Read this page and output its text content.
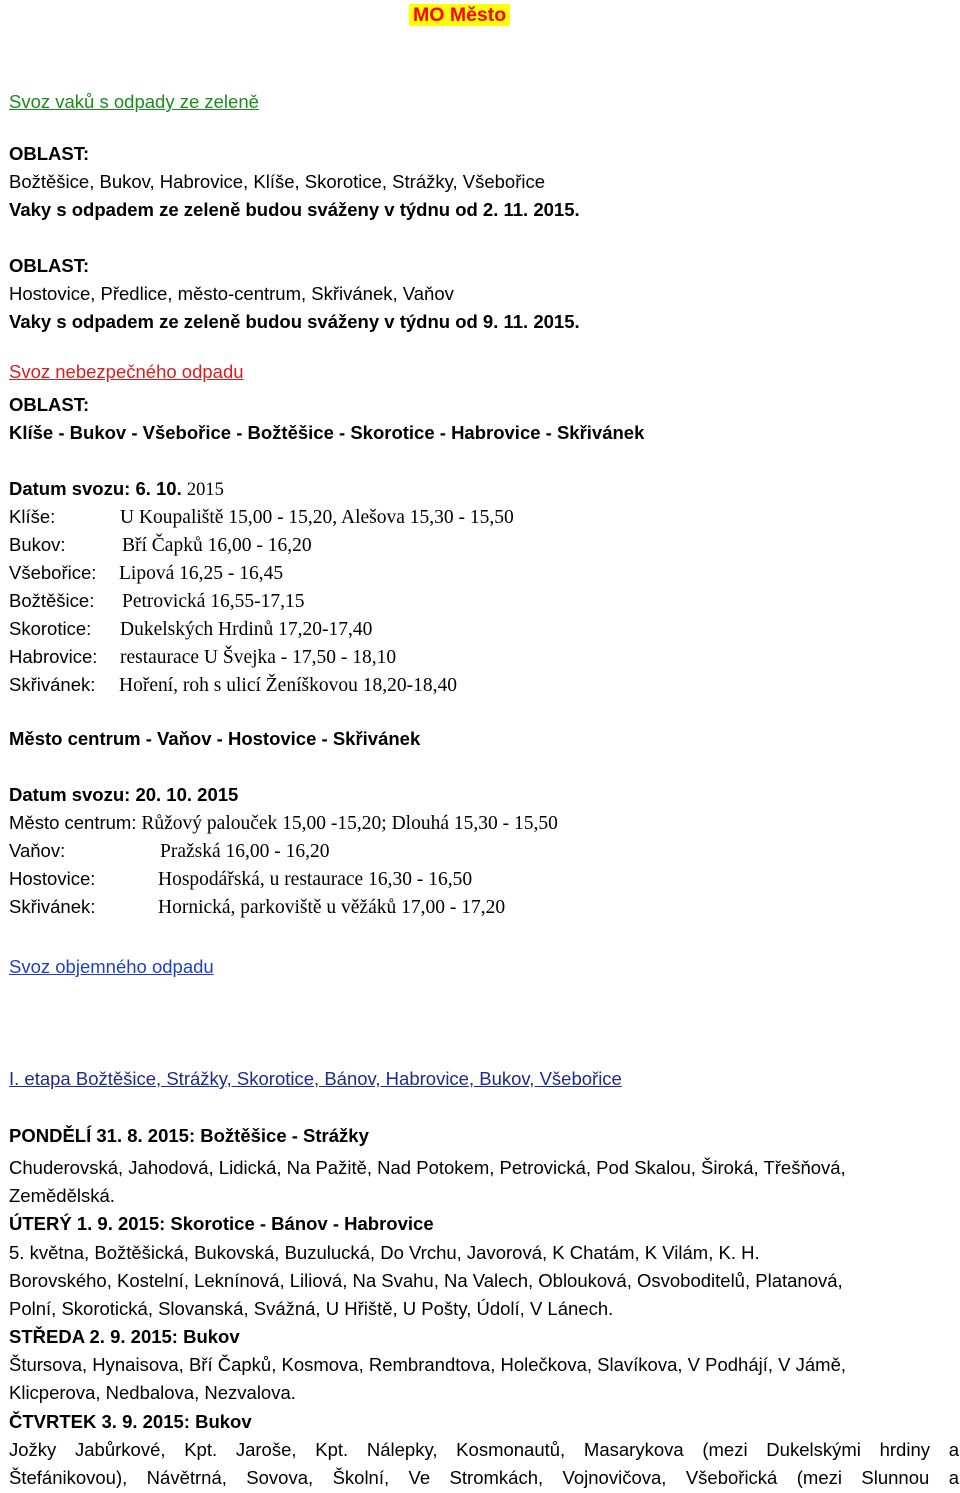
MO Město
Svoz vaků s odpady ze zeleně
OBLAST:
Božtěšice, Bukov, Habrovice, Klíše, Skorotice, Strážky, Všebořice
Vaky s odpadem ze zeleně budou sváženy v týdnu od 2. 11. 2015.
OBLAST:
Hostovice, Předlice, město-centrum, Skřivánek, Vaňov
Vaky s odpadem ze zeleně budou sváženy v týdnu od 9. 11. 2015.
Svoz nebezpečného odpadu
OBLAST:
Klíše - Bukov - Všebořice - Božtěšice - Skorotice - Habrovice - Skřivánek
Datum svozu: 6. 10. 2015
Klíše:	U Koupaliště 15,00 - 15,20, Alešova 15,30 - 15,50
Bukov:	Bří Čapků 16,00 - 16,20
Všebořice: Lipová 16,25 - 16,45
Božtěšice: Petrovická 16,55-17,15
Skorotice: Dukelských Hrdinů 17,20-17,40
Habrovice: restaurace U Švejka - 17,50 - 18,10
Skřivánek: Hoření, roh s ulicí Ženíškovou 18,20-18,40
Město centrum - Vaňov - Hostovice - Skřivánek
Datum svozu: 20. 10. 2015
Město centrum: Růžový palouček 15,00 -15,20; Dlouhá 15,30 - 15,50
Vaňov:	Pražská 16,00 - 16,20
Hostovice:	Hospodářská, u restaurace 16,30 - 16,50
Skřivánek:	Hornická, parkoviště u věžáků 17,00 - 17,20
Svoz objemného odpadu
I. etapa Božtěšice, Strážky, Skorotice, Bánov, Habrovice, Bukov, Všebořice
PONDĚLÍ 31. 8. 2015: Božtěšice - Strážky
Chuderovská, Jahodová, Lidická, Na Pažitě, Nad Potokem, Petrovická, Pod Skalou, Široká, Třešňová,
Zemědělská.
ÚTERÝ 1. 9. 2015: Skorotice - Bánov - Habrovice
5. května, Božtěšická, Bukovská, Buzulucká, Do Vrchu, Javorová, K Chatám, K Vilám, K. H.
Borovského, Kostelní, Leknínová, Liliová, Na Svahu, Na Valech, Oblouková, Osvoboditelů, Platanová,
Polní, Skorotická, Slovanská, Svážná, U Hřiště, U Pošty, Údolí, V Lánech.
STŘEDA 2. 9. 2015: Bukov
Štursova, Hynaisova, Bří Čapků, Kosmova, Rembrandtova, Holečkova, Slavíkova, V Podhájí, V Jámě,
Klicperova, Nedbalova, Nezvalova.
ČTVRTEK 3. 9. 2015: Bukov
Jožky Jabůrkové, Kpt. Jaroše, Kpt. Nálepky, Kosmonautů, Masarykova (mezi Dukelskými hrdiny a
Štefánikovou), Návětrná, Sovova, Školní, Ve Stromkách, Vojnovičova, Všebořická (mezi Slunnou a
